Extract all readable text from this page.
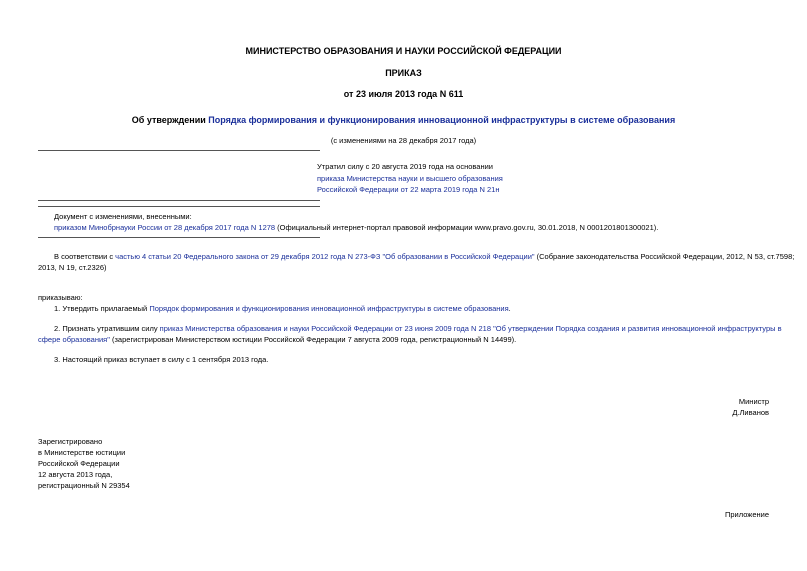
МИНИСТЕРСТВО ОБРАЗОВАНИЯ И НАУКИ РОССИЙСКОЙ ФЕДЕРАЦИИ
ПРИКАЗ
от 23 июля 2013 года N 611
Об утверждении Порядка формирования и функционирования инновационной инфраструктуры в системе образования
(с изменениями на 28 декабря 2017 года)
Утратил силу с 20 августа 2019 года на основании
приказа Министерства науки и высшего образования
Российской Федерации от 22 марта 2019 года N 21н
Документ с изменениями, внесенными:
приказом Минобрнауки России от 28 декабря 2017 года N 1278 (Официальный интернет-портал правовой информации www.pravo.gov.ru, 30.01.2018, N 0001201801300021).
В соответствии с частью 4 статьи 20 Федерального закона от 29 декабря 2012 года N 273-ФЗ "Об образовании в Российской Федерации" (Собрание законодательства Российской Федерации, 2012, N 53, ст.7598;
2013, N 19, ст.2326)
приказываю:
1. Утвердить прилагаемый Порядок формирования и функционирования инновационной инфраструктуры в системе образования.
2. Признать утратившим силу приказ Министерства образования и науки Российской Федерации от 23 июня 2009 года N 218 "Об утверждении Порядка создания и развития инновационной инфраструктуры в
сфере образования" (зарегистрирован Министерством юстиции Российской Федерации 7 августа 2009 года, регистрационный N 14499).
3. Настоящий приказ вступает в силу с 1 сентября 2013 года.
Министр
Д.Ливанов
Зарегистрировано
в Министерстве юстиции
Российской Федерации
12 августа 2013 года,
регистрационный N 29354
Приложение
